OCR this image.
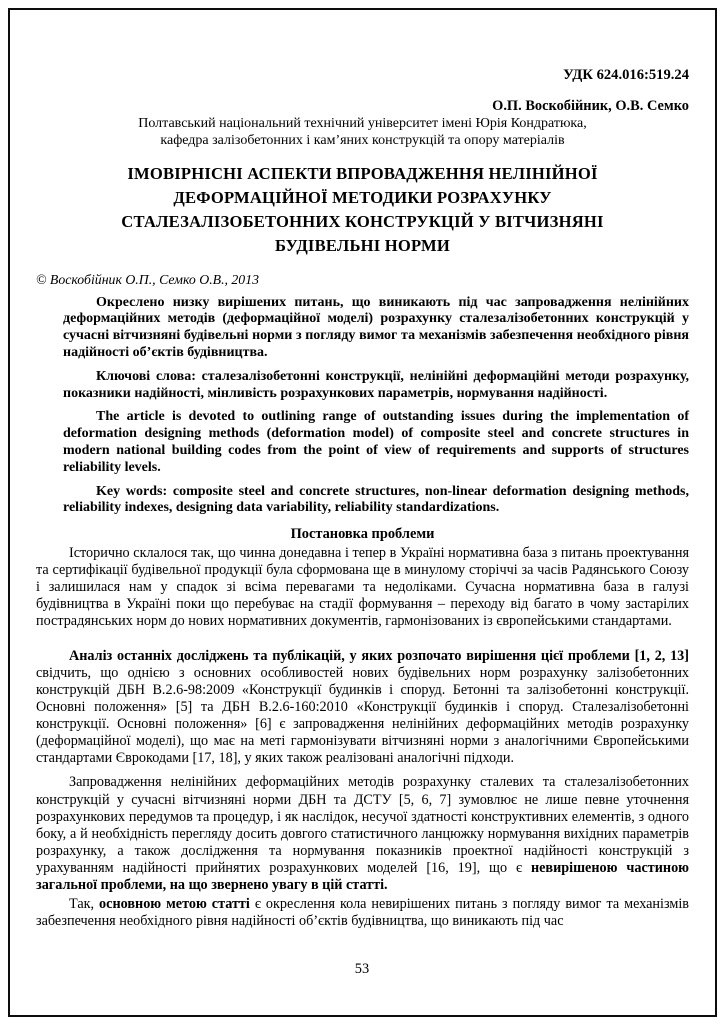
УДК 624.016:519.24

О.П. Воскобійник, О.В. Семко

Полтавський національний технічний університет імені Юрія Кондратюка,

кафедра залізобетонних і кам’яних конструкцій та опору матеріалів

ІМОВІРНІСНІ АСПЕКТИ ВПРОВАДЖЕННЯ НЕЛІНІЙНОЇ
ДЕФОРМАЦІЙНОЇ МЕТОДИКИ РОЗРАХУНКУ
СТАЛЕЗАЛІЗОБЕТОННИХ КОНСТРУКЦІЙ У ВІТЧИЗНЯНІ
БУДІВЕЛЬНІ НОРМИ

© Воскобійник О.П., Семко О.В., 2013

Окреслено низку вирішених питань, що виникають під час запровадження нелінійних деформаційних методів (деформаційної моделі) розрахунку сталезалізобетонних конструкцій у сучасні вітчизняні будівельні норми з погляду вимог та механізмів забезпечення необхідного рівня надійності об’єктів будівництва.

Ключові слова: сталезалізобетонні конструкції, нелінійні деформаційні методи розрахунку, показники надійності, мінливість розрахункових параметрів, нормування надійності.

The article is devoted to outlining range of outstanding issues during the implementation of deformation designing methods (deformation model) of composite steel and concrete structures in modern national building codes from the point of view of requirements and supports of structures reliability levels.

Key words: composite steel and concrete structures, non-linear deformation designing methods, reliability indexes, designing data variability, reliability standardizations.

Постановка проблеми

Історично склалося так, що чинна донедавна і тепер в Україні нормативна база з питань проектування та сертифікації будівельної продукції була сформована ще в минулому сторіччі за часів Радянського Союзу і залишилася нам у спадок зі всіма перевагами та недоліками. Сучасна нормативна база в галузі будівництва в Україні поки що перебуває на стадії формування – переходу від багато в чому застарілих пострадянських норм до нових нормативних документів, гармонізованих із європейськими стандартами.

Аналіз останніх досліджень та публікацій, у яких розпочато вирішення цієї проблеми [1, 2, 13] свідчить, що однією з основних особливостей нових будівельних норм розрахунку залізобетонних конструкцій ДБН В.2.6-98:2009 «Конструкції будинків і споруд. Бетонні та залізобетонні конструкції. Основні положення» [5] та ДБН В.2.6-160:2010 «Конструкції будинків і споруд. Сталезалізобетонні конструкції. Основні положення» [6] є запровадження нелінійних деформаційних методів розрахунку (деформаційної моделі), що має на меті гармонізувати вітчизняні норми з аналогічними Європейськими стандартами Єврокодами [17, 18], у яких також реалізовані аналогічні підходи.

Запровадження нелінійних деформаційних методів розрахунку сталевих та сталезалізобетонних конструкцій у сучасні вітчизняні норми ДБН та ДСТУ [5, 6, 7] зумовлює не лише певне уточнення розрахункових передумов та процедур, і як наслідок, несучої здатності конструктивних елементів, з одного боку, а й необхідність перегляду досить довгого статистичного ланцюжку нормування вихідних параметрів розрахунку, а також дослідження та нормування показників проектної надійності конструкцій з урахуванням надійності прийнятих розрахункових моделей [16, 19], що є невирішеною частиною загальної проблеми, на що звернено увагу в цій статті.

Так, основною метою статті є окреслення кола невирішених питань з погляду вимог та механізмів забезпечення необхідного рівня надійності об’єктів будівництва, що виникають під час

53
